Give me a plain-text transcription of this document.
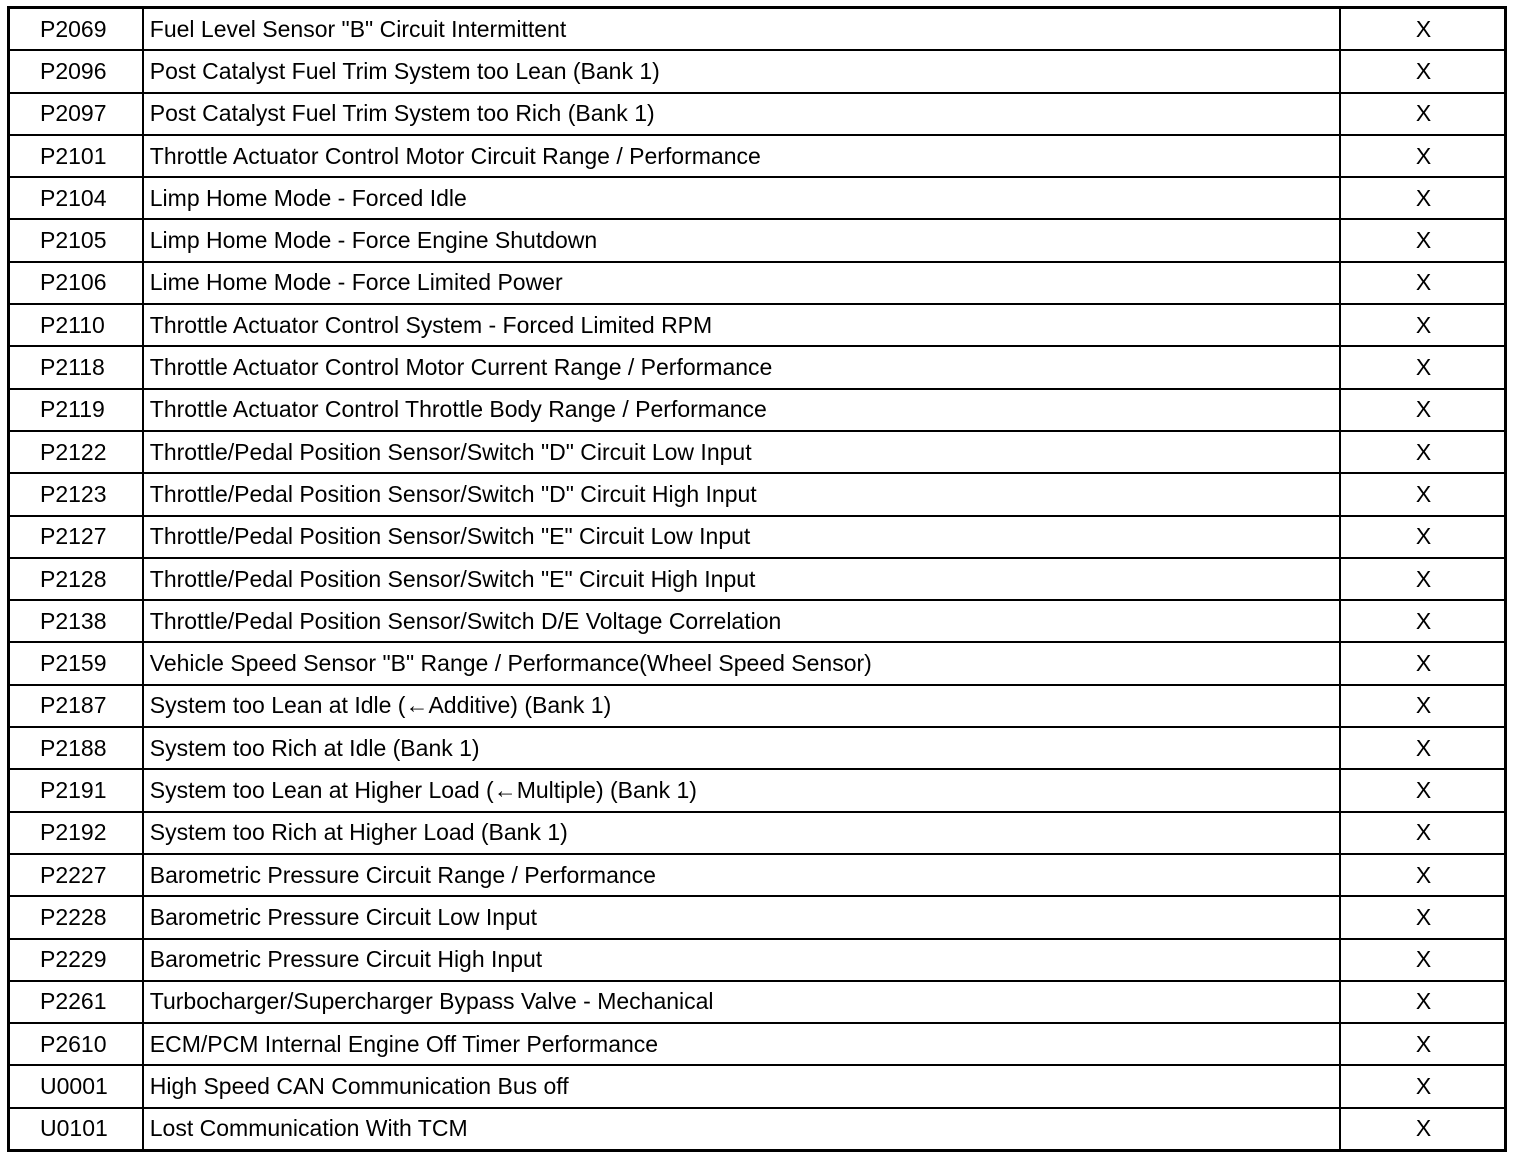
P2069	Fuel Level Sensor "B" Circuit Intermittent	X
P2096	Post Catalyst Fuel Trim System too Lean (Bank 1)	X
P2097	Post Catalyst Fuel Trim System too Rich (Bank 1)	X
P2101	Throttle Actuator Control Motor Circuit Range / Performance	X
P2104	Limp Home Mode - Forced Idle	X
P2105	Limp Home Mode - Force Engine Shutdown	X
P2106	Lime Home Mode - Force Limited Power	X
P2110	Throttle Actuator Control System - Forced Limited RPM	X
P2118	Throttle Actuator Control Motor Current Range / Performance	X
P2119	Throttle Actuator Control Throttle Body Range / Performance	X
P2122	Throttle/Pedal Position Sensor/Switch "D" Circuit Low Input	X
P2123	Throttle/Pedal Position Sensor/Switch "D" Circuit High Input	X
P2127	Throttle/Pedal Position Sensor/Switch "E" Circuit Low Input	X
P2128	Throttle/Pedal Position Sensor/Switch "E" Circuit High Input	X
P2138	Throttle/Pedal Position Sensor/Switch D/E Voltage Correlation	X
P2159	Vehicle Speed Sensor "B" Range / Performance(Wheel Speed Sensor)	X
P2187	System too Lean at Idle (←Additive) (Bank 1)	X
P2188	System too Rich at Idle (Bank 1)	X
P2191	System too Lean at Higher Load (←Multiple) (Bank 1)	X
P2192	System too Rich at Higher Load (Bank 1)	X
P2227	Barometric Pressure Circuit Range / Performance	X
P2228	Barometric Pressure Circuit Low Input	X
P2229	Barometric Pressure Circuit High Input	X
P2261	Turbocharger/Supercharger Bypass Valve - Mechanical	X
P2610	ECM/PCM Internal Engine Off Timer Performance	X
U0001	High Speed CAN Communication Bus off	X
U0101	Lost Communication With TCM	X
